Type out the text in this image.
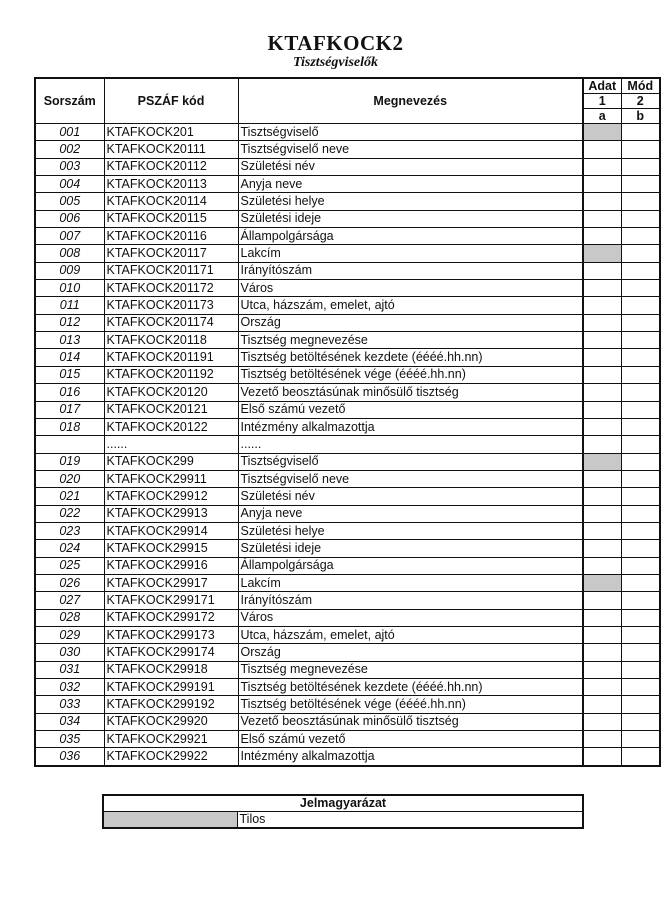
KTAFKOCK2
Tisztségviselők
Sorszám	PSZÁF kód	Megnevezés	Adat	Mód
			1	2
			a	b
001	KTAFKOCK201	Tisztségviselő		
002	KTAFKOCK20111	Tisztségviselő neve		
003	KTAFKOCK20112	Születési név		
004	KTAFKOCK20113	Anyja neve		
005	KTAFKOCK20114	Születési helye		
006	KTAFKOCK20115	Születési ideje		
007	KTAFKOCK20116	Állampolgársága		
008	KTAFKOCK20117	Lakcím		
009	KTAFKOCK201171	Irányítószám		
010	KTAFKOCK201172	Város		
011	KTAFKOCK201173	Utca, házszám, emelet, ajtó		
012	KTAFKOCK201174	Ország		
013	KTAFKOCK20118	Tisztség megnevezése		
014	KTAFKOCK201191	Tisztség betöltésének kezdete (éééé.hh.nn)		
015	KTAFKOCK201192	Tisztség betöltésének vége (éééé.hh.nn)		
016	KTAFKOCK20120	Vezető beosztásúnak minősülő tisztség		
017	KTAFKOCK20121	Első számú vezető		
018	KTAFKOCK20122	Intézmény alkalmazottja		
	......	......		
019	KTAFKOCK299	Tisztségviselő		
020	KTAFKOCK29911	Tisztségviselő neve		
021	KTAFKOCK29912	Születési név		
022	KTAFKOCK29913	Anyja neve		
023	KTAFKOCK29914	Születési helye		
024	KTAFKOCK29915	Születési ideje		
025	KTAFKOCK29916	Állampolgársága		
026	KTAFKOCK29917	Lakcím		
027	KTAFKOCK299171	Irányítószám		
028	KTAFKOCK299172	Város		
029	KTAFKOCK299173	Utca, házszám, emelet, ajtó		
030	KTAFKOCK299174	Ország		
031	KTAFKOCK29918	Tisztség megnevezése		
032	KTAFKOCK299191	Tisztség betöltésének kezdete (éééé.hh.nn)		
033	KTAFKOCK299192	Tisztség betöltésének vége (éééé.hh.nn)		
034	KTAFKOCK29920	Vezető beosztásúnak minősülő tisztség		
035	KTAFKOCK29921	Első számú vezető		
036	KTAFKOCK29922	Intézmény alkalmazottja		
Jelmagyarázat
	Tilos
